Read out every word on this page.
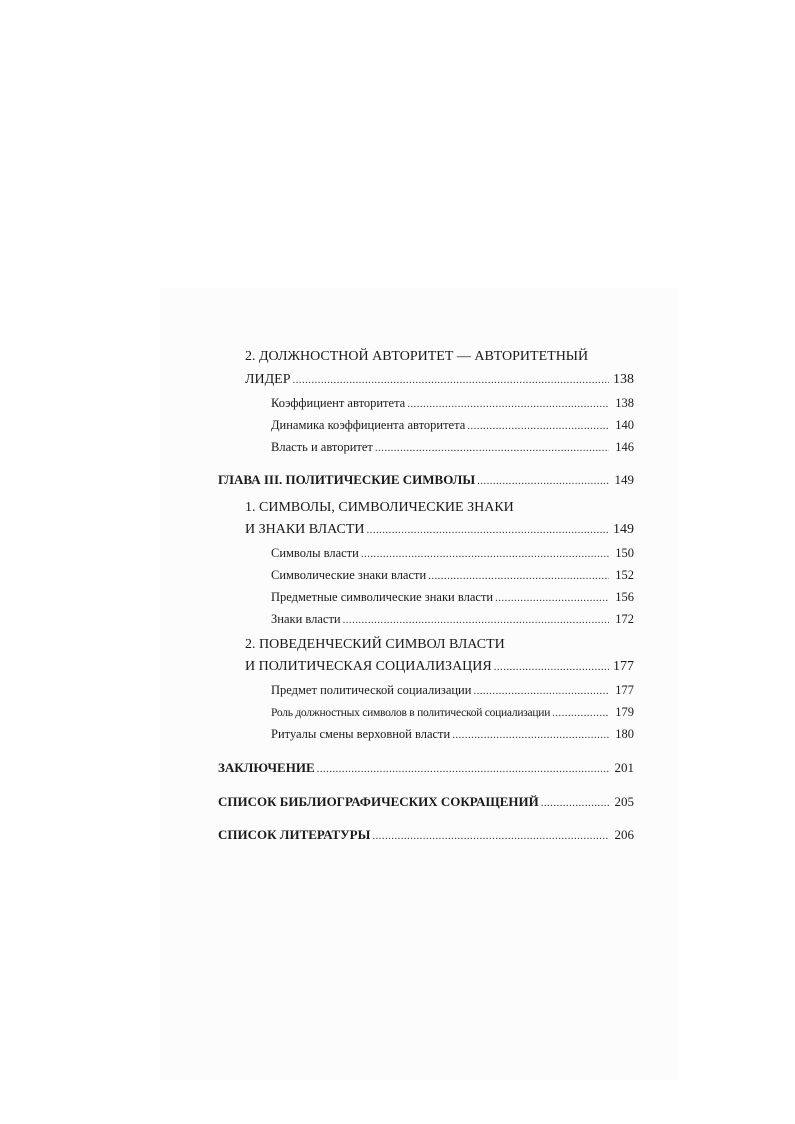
2. ДОЛЖНОСТНОЙ АВТОРИТЕТ — АВТОРИТЕТНЫЙ
ЛИДЕР .....	138
Коэффициент авторитета .....	138
Динамика коэффициента авторитета .....	140
Власть и авторитет .....	146
ГЛАВА III. ПОЛИТИЧЕСКИЕ СИМВОЛЫ .....	149
1. СИМВОЛЫ, СИМВОЛИЧЕСКИЕ ЗНАКИ
И ЗНАКИ ВЛАСТИ .....	149
Символы власти .....	150
Символические знаки власти .....	152
Предметные символические знаки власти .....	156
Знаки власти .....	172
2. ПОВЕДЕНЧЕСКИЙ СИМВОЛ ВЛАСТИ
И ПОЛИТИЧЕСКАЯ СОЦИАЛИЗАЦИЯ .....	177
Предмет политической социализации .....	177
Роль должностных символов в политической социализации .....	179
Ритуалы смены верховной власти .....	180
ЗАКЛЮЧЕНИЕ .....	201
СПИСОК БИБЛИОГРАФИЧЕСКИХ СОКРАЩЕНИЙ .....	205
СПИСОК ЛИТЕРАТУРЫ .....	206
